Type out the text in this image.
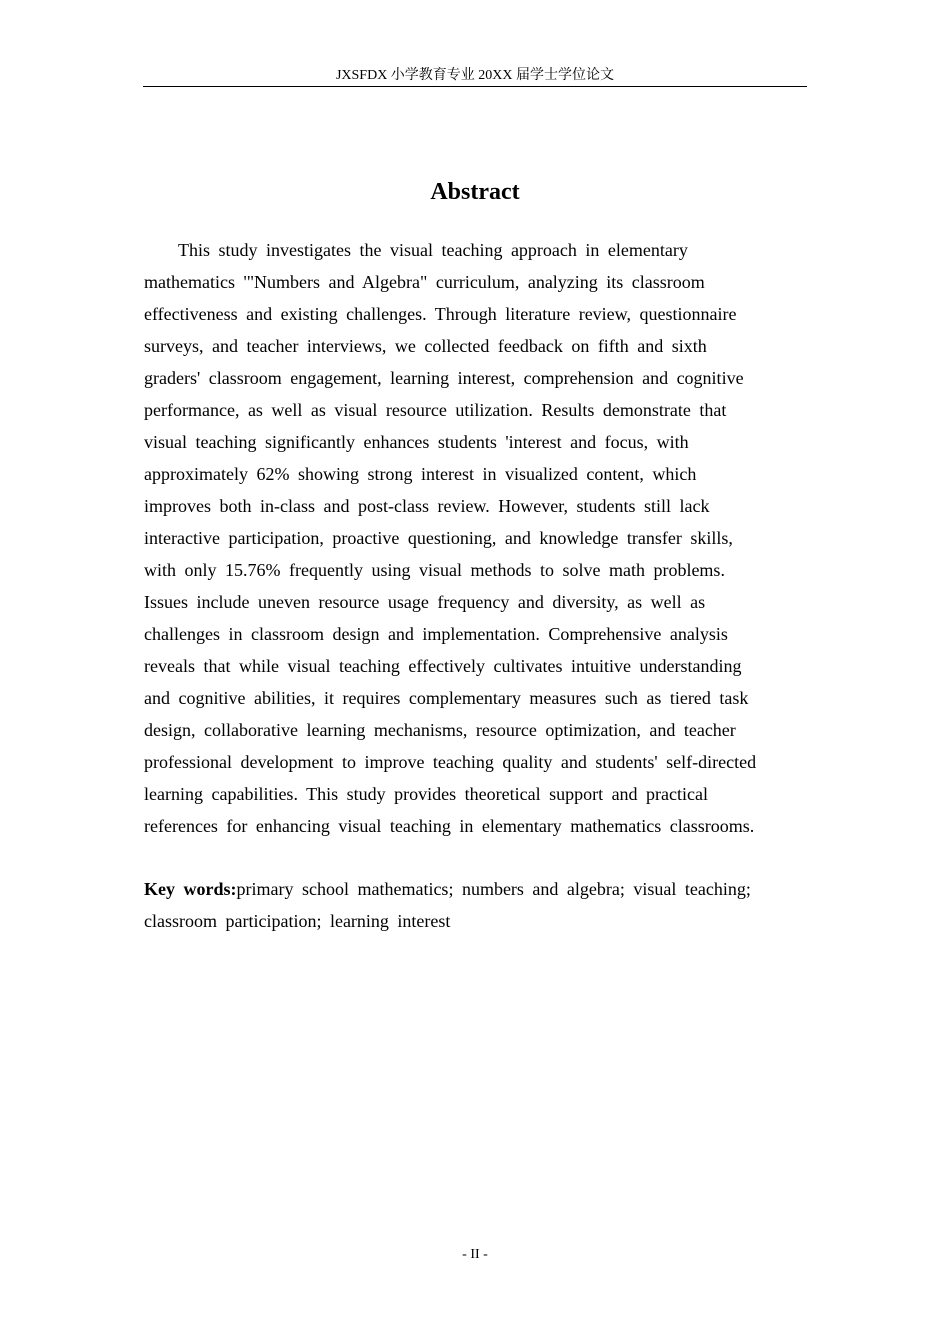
JXSFDX 小学教育专业 20XX 届学士学位论文
Abstract

This study investigates the visual teaching approach in elementary
mathematics '"Numbers and Algebra" curriculum, analyzing its classroom
effectiveness and existing challenges. Through literature review, questionnaire
surveys, and teacher interviews, we collected feedback on fifth and sixth
graders' classroom engagement, learning interest, comprehension and cognitive
performance, as well as visual resource utilization. Results demonstrate that
visual teaching significantly enhances students 'interest and focus, with
approximately 62% showing strong interest in visualized content, which
improves both in-class and post-class review. However, students still lack
interactive participation, proactive questioning, and knowledge transfer skills,
with only 15.76% frequently using visual methods to solve math problems.
Issues include uneven resource usage frequency and diversity, as well as
challenges in classroom design and implementation. Comprehensive analysis
reveals that while visual teaching effectively cultivates intuitive understanding
and cognitive abilities, it requires complementary measures such as tiered task
design, collaborative learning mechanisms, resource optimization, and teacher
professional development to improve teaching quality and students' self-directed
learning capabilities. This study provides theoretical support and practical
references for enhancing visual teaching in elementary mathematics classrooms.

Key words:primary school mathematics; numbers and algebra; visual teaching;
classroom participation; learning interest

- II -
